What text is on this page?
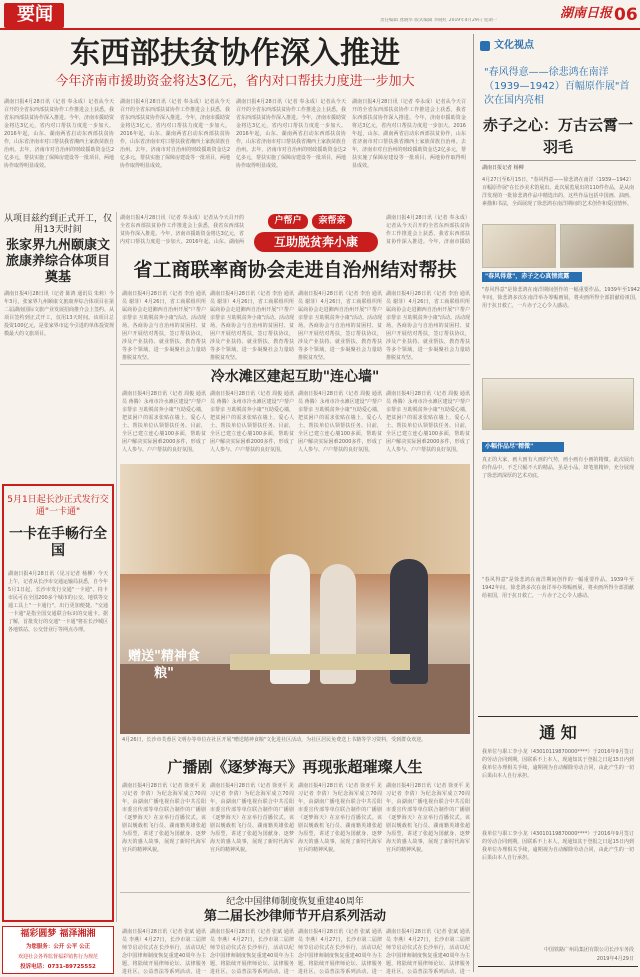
要闻	责任编辑 龚晓华 版式编辑 李晓红 2019年4月29日 星期一	湖南日报 06
东西部扶贫协作深入推进
今年济南市援助资金将达3亿元，省内对口帮扶力度进一步加大
湖南日报4月28日讯（记者 奉永成）记者从今天召开的全省东西部扶贫协作工作推进会上获悉，我省东西部扶贫协作深入推进。今年，济南市援助资金将达3亿元，省内对口帮扶力度进一步加大。2016年起，山东、湖南两省启动东西部扶贫协作，山东省济南市对口帮扶我省湘西土家族苗族自治州。去年，济南市对自治州的财政援助资金达2亿多元，帮扶实施了保障房建设等一批项目，两地协作取得明显成效。
湖南日报4月28日讯（记者 奉永成）记者从今天召开的全省东西部扶贫协作工作推进会上获悉，我省东西部扶贫协作深入推进。今年，济南市援助资金将达3亿元，省内对口帮扶力度进一步加大。2016年起，山东、湖南两省启动东西部扶贫协作，山东省济南市对口帮扶我省湘西土家族苗族自治州。去年，济南市对自治州的财政援助资金达2亿多元，帮扶实施了保障房建设等一批项目，两地协作取得明显成效。
湖南日报4月28日讯（记者 奉永成）记者从今天召开的全省东西部扶贫协作工作推进会上获悉，我省东西部扶贫协作深入推进。今年，济南市援助资金将达3亿元，省内对口帮扶力度进一步加大。2016年起，山东、湖南两省启动东西部扶贫协作，山东省济南市对口帮扶我省湘西土家族苗族自治州。去年，济南市对自治州的财政援助资金达2亿多元，帮扶实施了保障房建设等一批项目，两地协作取得明显成效。
湖南日报4月28日讯（记者 奉永成）记者从今天召开的全省东西部扶贫协作工作推进会上获悉，我省东西部扶贫协作深入推进。今年，济南市援助资金将达3亿元，省内对口帮扶力度进一步加大。2016年起，山东、湖南两省启动东西部扶贫协作，山东省济南市对口帮扶我省湘西土家族苗族自治州。去年，济南市对自治州的财政援助资金达2亿多元，帮扶实施了保障房建设等一批项目，两地协作取得明显成效。
从项目兹约到正式开工，仅用13天时间
张家界九州颐康文旅康养综合体项目奠基
湖南日报4月28日讯（记者 陈鸿 通讯员 朱莉）今年3月，张家界九州颐康文旅康养综合体项目在第二届湖南国际文旅产业发展招商推介会上签约。从项目签约到正式开工，仅用13天时间。该项目总投资100亿元，是张家界市迄今引进的单体投资规模最大的文旅项目。
5月1日起长沙正式发行交通"一卡通"
一卡在手畅行全国
湖南日报4月28日讯（见习记者 杨柳）今天上午，记者从长沙市交通运输局获悉，自今年5月1日起，长沙市发行交通"一卡通"。持卡市民可在全国200多个城市的公交、地铁等交通工具上"一卡通行"，出行更加便捷。"交通一卡通"是指全国交通联合标识的交通卡。据了解，首批发行的交通"一卡通"将在长沙城区各地铁站、公交营业厅等网点办理。
户帮户	亲帮亲
互助脱贫奔小康
湖南日报4月28日讯（记者 奉永成）记者从今天召开的全省东西部扶贫协作工作推进会上获悉，我省东西部扶贫协作深入推进。今年，济南市援助资金将达3亿元，省内对口帮扶力度进一步加大。2016年起，山东、湖南两
湖南日报4月28日讯（记者 奉永成）记者从今天召开的全省东西部扶贫协作工作推进会上获悉，我省东西部扶贫协作深入推进。今年，济南市援助
省工商联率商协会走进自治州结对帮扶
湖南日报4月28日讯（记者 李治 通讯员 谢菲）4月26日，省工商联组织所属商协会走进湘西自治州开展"户帮户 亲帮亲 互助脱贫奔小康"活动。活动现场，各商协会与自治州的贫困村、贫困户开展结对帮扶，签订帮扶协议，涉及产业扶持、就业帮扶、教育帮扶等多个领域，进一步凝聚社会力量助推脱贫攻坚。
湖南日报4月28日讯（记者 李治 通讯员 谢菲）4月26日，省工商联组织所属商协会走进湘西自治州开展"户帮户 亲帮亲 互助脱贫奔小康"活动。活动现场，各商协会与自治州的贫困村、贫困户开展结对帮扶，签订帮扶协议，涉及产业扶持、就业帮扶、教育帮扶等多个领域，进一步凝聚社会力量助推脱贫攻坚。
湖南日报4月28日讯（记者 李治 通讯员 谢菲）4月26日，省工商联组织所属商协会走进湘西自治州开展"户帮户 亲帮亲 互助脱贫奔小康"活动。活动现场，各商协会与自治州的贫困村、贫困户开展结对帮扶，签订帮扶协议，涉及产业扶持、就业帮扶、教育帮扶等多个领域，进一步凝聚社会力量助推脱贫攻坚。
湖南日报4月28日讯（记者 李治 通讯员 谢菲）4月26日，省工商联组织所属商协会走进湘西自治州开展"户帮户 亲帮亲 互助脱贫奔小康"活动。活动现场，各商协会与自治州的贫困村、贫困户开展结对帮扶，签订帮扶协议，涉及产业扶持、就业帮扶、教育帮扶等多个领域，进一步凝聚社会力量助推脱贫攻坚。
冷水滩区建起互助"连心墙"
湖南日报4月28日讯（记者 周俊 通讯员 蒋腾）永州市冷水滩区建设"户帮户 亲帮亲 互助脱贫奔小康"互助爱心墙，把贫困户的需求张贴在墙上，爱心人士、帮扶单位认领帮扶任务。目前，全区已建立连心墙100多面，帮助贫困户解决实际困难2000多件，形成了人人参与、户户帮扶的良好氛围。
湖南日报4月28日讯（记者 周俊 通讯员 蒋腾）永州市冷水滩区建设"户帮户 亲帮亲 互助脱贫奔小康"互助爱心墙，把贫困户的需求张贴在墙上，爱心人士、帮扶单位认领帮扶任务。目前，全区已建立连心墙100多面，帮助贫困户解决实际困难2000多件，形成了人人参与、户户帮扶的良好氛围。
湖南日报4月28日讯（记者 周俊 通讯员 蒋腾）永州市冷水滩区建设"户帮户 亲帮亲 互助脱贫奔小康"互助爱心墙，把贫困户的需求张贴在墙上，爱心人士、帮扶单位认领帮扶任务。目前，全区已建立连心墙100多面，帮助贫困户解决实际困难2000多件，形成了人人参与、户户帮扶的良好氛围。
湖南日报4月28日讯（记者 周俊 通讯员 蒋腾）永州市冷水滩区建设"户帮户 亲帮亲 互助脱贫奔小康"互助爱心墙，把贫困户的需求张贴在墙上，爱心人士、帮扶单位认领帮扶任务。目前，全区已建立连心墙100多面，帮助贫困户解决实际困难2000多件，形成了人人参与、户户帮扶的良好氛围。
赠送"精神食粮"
4月26日，长沙市芙蓉区文明办等单位在社区开展"赠送精神食粮"文化进社区活动，为社区居民免费送上书籍等学习资料，受到群众欢迎。
广播剧《逐梦海天》再现张超璀璨人生
湖南日报4月28日讯（记者 徐亚平 见习记者 李倩）为纪念海军成立70周年，由湖南广播电视台联合中共岳阳市委宣传部等单位联合制作的广播剧《逐梦海天》在京举行首播仪式。该剧以舰载机飞行员、湖南籍英雄张超为原型，讲述了张超为国献身、逐梦海天的感人故事，展现了新时代海军官兵的精神风貌。
湖南日报4月28日讯（记者 徐亚平 见习记者 李倩）为纪念海军成立70周年，由湖南广播电视台联合中共岳阳市委宣传部等单位联合制作的广播剧《逐梦海天》在京举行首播仪式。该剧以舰载机飞行员、湖南籍英雄张超为原型，讲述了张超为国献身、逐梦海天的感人故事，展现了新时代海军官兵的精神风貌。
湖南日报4月28日讯（记者 徐亚平 见习记者 李倩）为纪念海军成立70周年，由湖南广播电视台联合中共岳阳市委宣传部等单位联合制作的广播剧《逐梦海天》在京举行首播仪式。该剧以舰载机飞行员、湖南籍英雄张超为原型，讲述了张超为国献身、逐梦海天的感人故事，展现了新时代海军官兵的精神风貌。
湖南日报4月28日讯（记者 徐亚平 见习记者 李倩）为纪念海军成立70周年，由湖南广播电视台联合中共岳阳市委宣传部等单位联合制作的广播剧《逐梦海天》在京举行首播仪式。该剧以舰载机飞行员、湖南籍英雄张超为原型，讲述了张超为国献身、逐梦海天的感人故事，展现了新时代海军官兵的精神风貌。
纪念中国律师制度恢复重建40周年
第二届长沙律师节开启系列活动
湖南日报4月28日讯（记者 张斌 通讯员 李燕）4月27日，长沙市第二届律师节启动仪式在长沙举行，活动以纪念中国律师制度恢复重建40周年为主题，将陆续开展律师论坛、法律服务进社区、公益普法等系列活动，进一
湖南日报4月28日讯（记者 张斌 通讯员 李燕）4月27日，长沙市第二届律师节启动仪式在长沙举行，活动以纪念中国律师制度恢复重建40周年为主题，将陆续开展律师论坛、法律服务进社区、公益普法等系列活动，进一
湖南日报4月28日讯（记者 张斌 通讯员 李燕）4月27日，长沙市第二届律师节启动仪式在长沙举行，活动以纪念中国律师制度恢复重建40周年为主题，将陆续开展律师论坛、法律服务进社区、公益普法等系列活动，进一
湖南日报4月28日讯（记者 张斌 通讯员 李燕）4月27日，长沙市第二届律师节启动仪式在长沙举行，活动以纪念中国律师制度恢复重建40周年为主题，将陆续开展律师论坛、法律服务进社区、公益普法等系列活动，进一
福彩圆梦 福泽湘湘
为您服务：公开 公平 公正
欢迎社会各界监督福彩销售行为规范
投诉电话：0731-89725552
文化视点
"春风得意——徐悲鸿在南洋（1939—1942）百幅原作展"首次在国内亮相
赤子之心：万古云霄一羽毛
湖南日报记者 杨柳
4月27日至6月15日，"春风得意——徐悲鸿在南洋（1939—1942）百幅原作展"在长沙美术馆展出。此次展览展出的110件作品，是从南洋发现的一批徐悲鸿作品中精选出的，这些作品包括中国画、油画、素描和书法，全面展现了徐悲鸿在南洋期间的艺术创作和爱国情怀。
"春风得意"，赤子之心真情流露
"春风得意"是徐悲鸿在南洋期间创作的一幅重要作品。1939年至1942年间，徐悲鸿多次在南洋举办筹赈画展，将卖画所得全部捐献给祖国，用于抗日救亡，一片赤子之心令人感动。
小幅作品尽"精微"
真正的大家，画大画有大画的气势，画小画有小画的精微。此次展出的作品中，不乏尺幅不大的精品，虽是小品，却笔墨精妙，充分展现了徐悲鸿深厚的艺术功底。
"春风得意"是徐悲鸿在南洋期间创作的一幅重要作品。1939年至1942年间，徐悲鸿多次在南洋举办筹赈画展，将卖画所得全部捐献给祖国，用于抗日救亡，一片赤子之心令人感动。
通 知
我单位与职工李小龙（43010119870000****）于2016年9月签订的劳动合同到期，因联系不上本人，现通知其于登报之日起15日内到我单位办理相关手续，逾期视为自动解除劳动合同，由此产生的一切后果由本人自行承担。
我单位与职工李小龙（43010119870000****）于2016年9月签订的劳动合同到期，因联系不上本人，现通知其于登报之日起15日内到我单位办理相关手续，逾期视为自动解除劳动合同，由此产生的一切后果由本人自行承担。
中国铁路广州局集团有限公司长沙车务段
2019年4月29日
